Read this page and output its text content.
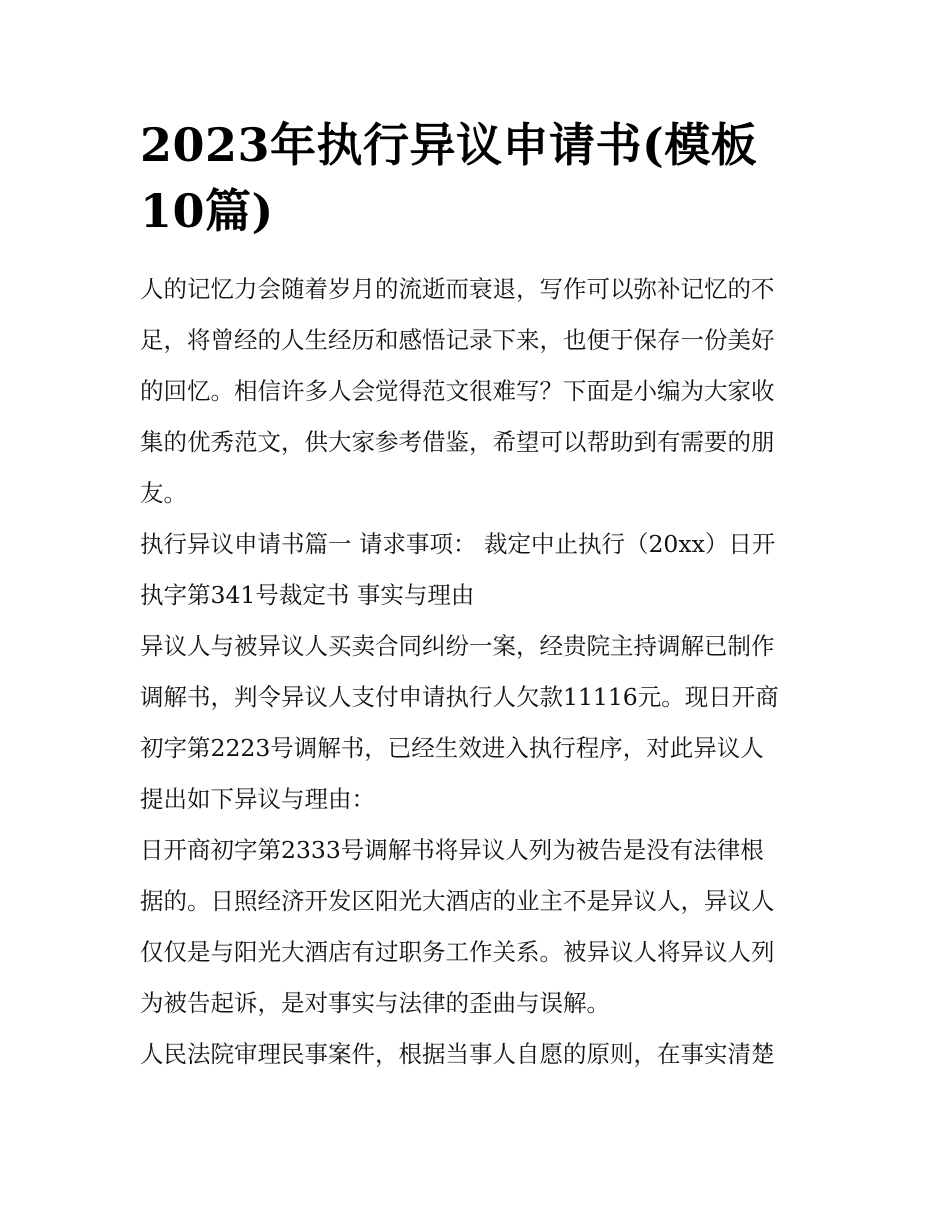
2023年执行异议申请书(模板
10篇)

人的记忆力会随着岁月的流逝而衰退，写作可以弥补记忆的不
足，将曾经的人生经历和感悟记录下来，也便于保存一份美好
的回忆。相信许多人会觉得范文很难写？下面是小编为大家收
集的优秀范文，供大家参考借鉴，希望可以帮助到有需要的朋
友。

执行异议申请书篇一 请求事项： 裁定中止执行（20xx）日开
执字第341号裁定书 事实与理由

异议人与被异议人买卖合同纠纷一案，经贵院主持调解已制作
调解书，判令异议人支付申请执行人欠款11116元。现日开商
初字第2223号调解书，已经生效进入执行程序，对此异议人
提出如下异议与理由：

日开商初字第2333号调解书将异议人列为被告是没有法律根
据的。日照经济开发区阳光大酒店的业主不是异议人，异议人
仅仅是与阳光大酒店有过职务工作关系。被异议人将异议人列
为被告起诉，是对事实与法律的歪曲与误解。

人民法院审理民事案件，根据当事人自愿的原则，在事实清楚
